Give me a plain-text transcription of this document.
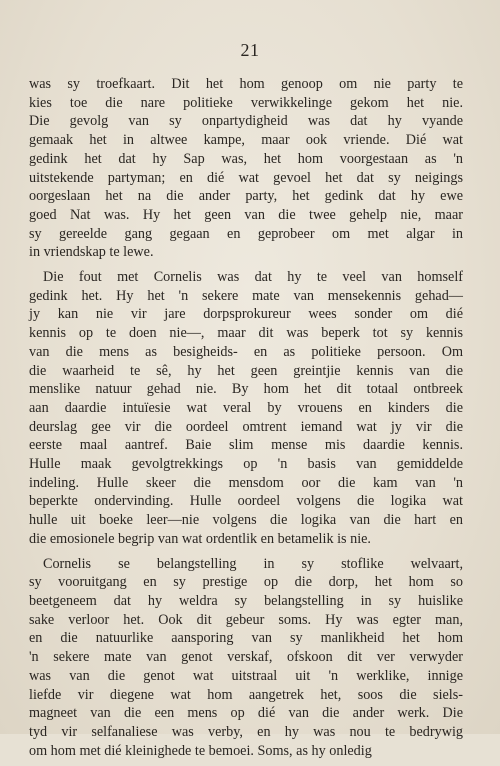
21
was sy troefkaart. Dit het hom genoop om nie party te
kies toe die nare politieke verwikkelinge gekom het nie.
Die gevolg van sy onpartydigheid was dat hy vyande
gemaak het in altwee kampe, maar ook vriende. Dié wat
gedink het dat hy Sap was, het hom voorgestaan as 'n
uitstekende partyman; en dié wat gevoel het dat sy neigings
oorgeslaan het na die ander party, het gedink dat hy ewe
goed Nat was. Hy het geen van die twee gehelp nie, maar
sy gereelde gang gegaan en geprobeer om met algar in
in vriendskap te lewe.
Die fout met Cornelis was dat hy te veel van homself
gedink het. Hy het 'n sekere mate van mensekennis gehad—
jy kan nie vir jare dorpsprokureur wees sonder om dié
kennis op te doen nie—, maar dit was beperk tot sy kennis
van die mens as besigheids- en as politieke persoon. Om
die waarheid te sê, hy het geen greintjie kennis van die
menslike natuur gehad nie. By hom het dit totaal ontbreek
aan daardie intuïesie wat veral by vrouens en kinders die
deurslag gee vir die oordeel omtrent iemand wat jy vir die
eerste maal aantref. Baie slim mense mis daardie kennis.
Hulle maak gevolgtrekkings op 'n basis van gemiddelde
indeling. Hulle skeer die mensdom oor die kam van 'n
beperkte ondervinding. Hulle oordeel volgens die logika wat
hulle uit boeke leer—nie volgens die logika van die hart en
die emosionele begrip van wat ordentlik en betamelik is nie.
Cornelis se belangstelling in sy stoflike welvaart,
sy vooruitgang en sy prestige op die dorp, het hom so
beetgeneem dat hy weldra sy belangstelling in sy huislike
sake verloor het. Ook dit gebeur soms. Hy was egter man,
en die natuurlike aansporing van sy manlikheid het hom
'n sekere mate van genot verskaf, ofskoon dit ver verwyder
was van die genot wat uitstraal uit 'n werklike, innige
liefde vir diegene wat hom aangetrek het, soos die siels-
magneet van die een mens op dié van die ander werk. Die
tyd vir selfanaliese was verby, en hy was nou te bedrywig
om hom met dié kleinighede te bemoei. Soms, as hy onledig
